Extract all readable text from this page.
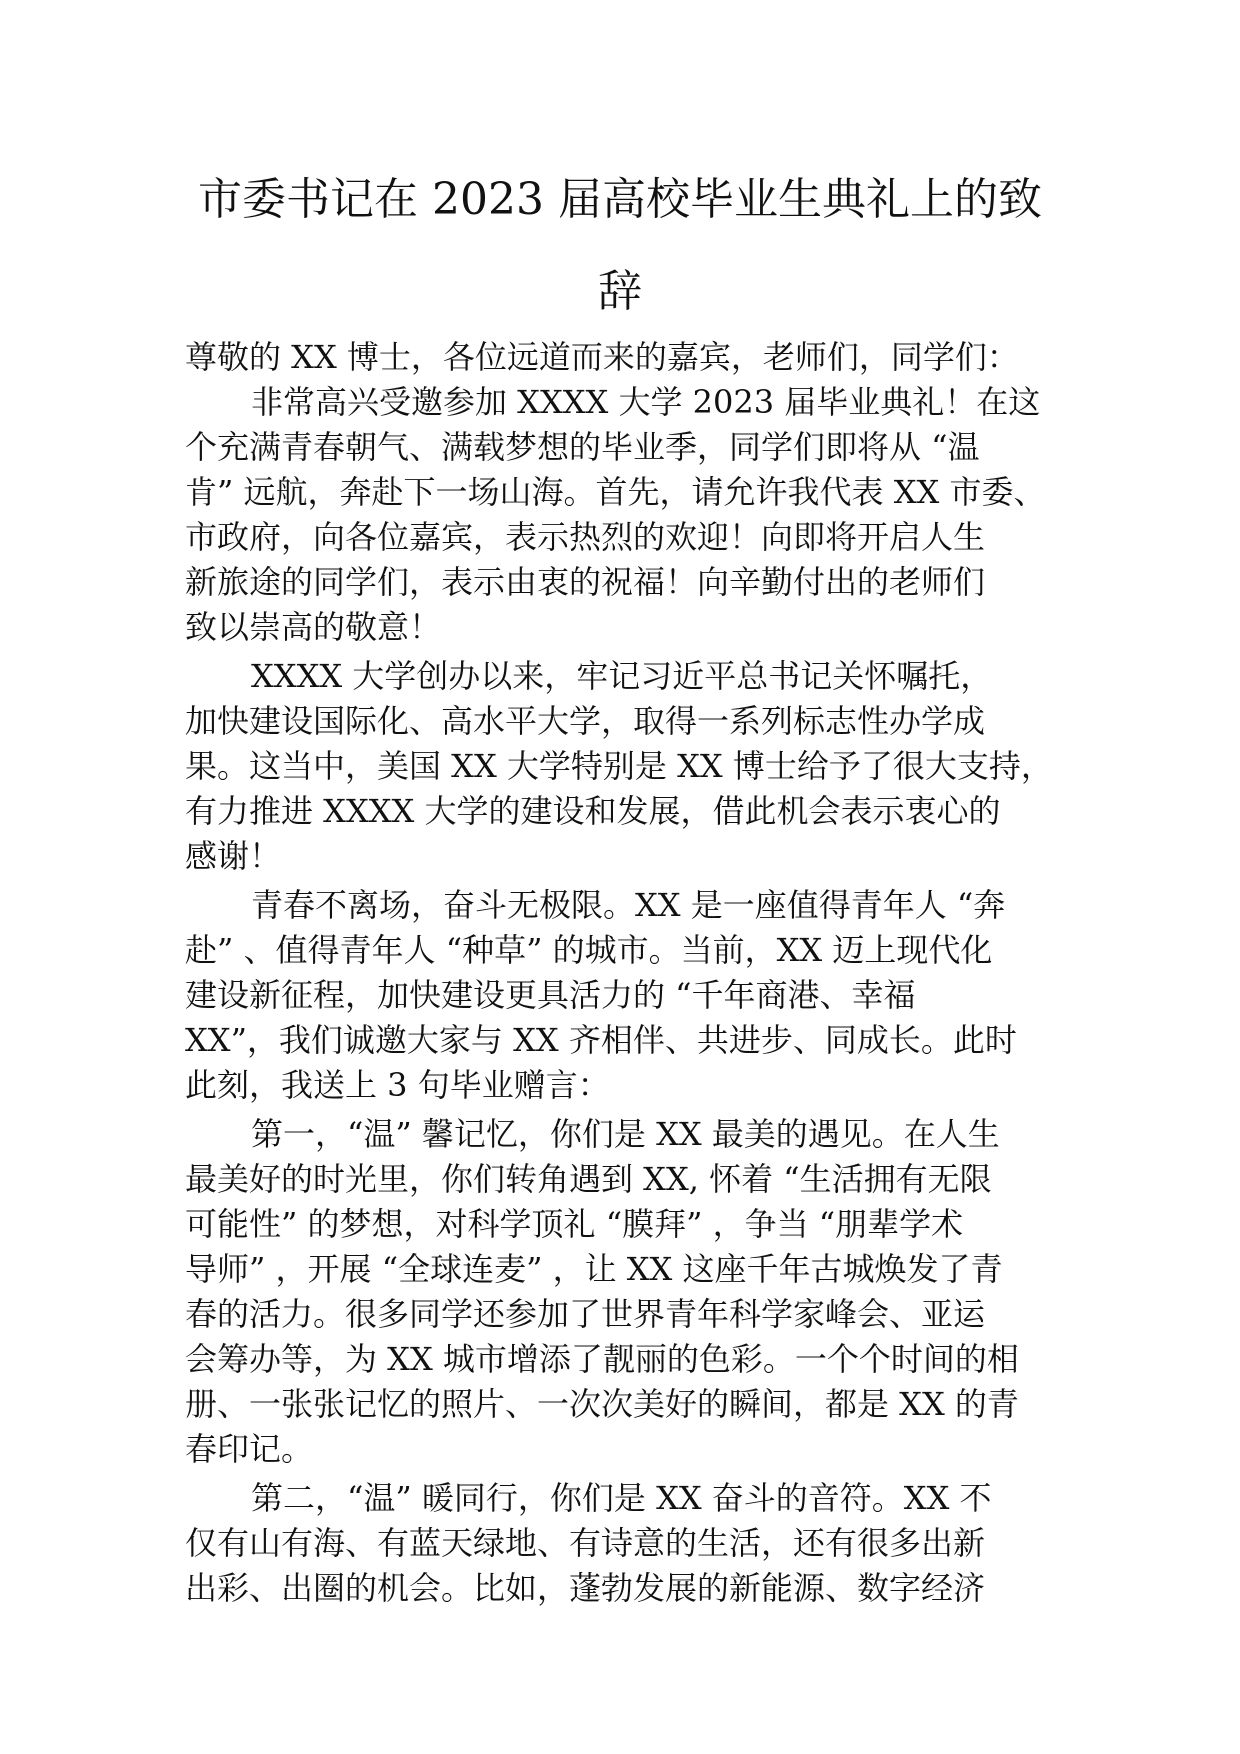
市委书记在 2023 届高校毕业生典礼上的致
辞
尊敬的 XX 博士，各位远道而来的嘉宾，老师们，同学们：
非常高兴受邀参加 XXXX 大学 2023 届毕业典礼！在这
个充满青春朝气、满载梦想的毕业季，同学们即将从 “温
肯” 远航，奔赴下一场山海。首先，请允许我代表 XX 市委、
市政府，向各位嘉宾，表示热烈的欢迎！向即将开启人生
新旅途的同学们，表示由衷的祝福！向辛勤付出的老师们
致以崇高的敬意！
XXXX 大学创办以来，牢记习近平总书记关怀嘱托，
加快建设国际化、高水平大学，取得一系列标志性办学成
果。这当中，美国 XX 大学特别是 XX 博士给予了很大支持，
有力推进 XXXX 大学的建设和发展，借此机会表示衷心的
感谢！
青春不离场，奋斗无极限。XX 是一座值得青年人 “奔
赴” 、值得青年人 “种草” 的城市。当前，XX 迈上现代化
建设新征程，加快建设更具活力的 “千年商港、幸福
XX”，我们诚邀大家与 XX 齐相伴、共进步、同成长。此时
此刻，我送上 3 句毕业赠言：
第一，“温” 馨记忆，你们是 XX 最美的遇见。在人生
最美好的时光里，你们转角遇到 XX, 怀着 “生活拥有无限
可能性” 的梦想，对科学顶礼 “膜拜” ，争当 “朋辈学术
导师” ，开展 “全球连麦” ，让 XX 这座千年古城焕发了青
春的活力。很多同学还参加了世界青年科学家峰会、亚运
会筹办等，为 XX 城市增添了靓丽的色彩。一个个时间的相
册、一张张记忆的照片、一次次美好的瞬间，都是 XX 的青
春印记。
第二，“温” 暖同行，你们是 XX 奋斗的音符。XX 不
仅有山有海、有蓝天绿地、有诗意的生活，还有很多出新
出彩、出圈的机会。比如，蓬勃发展的新能源、数字经济
